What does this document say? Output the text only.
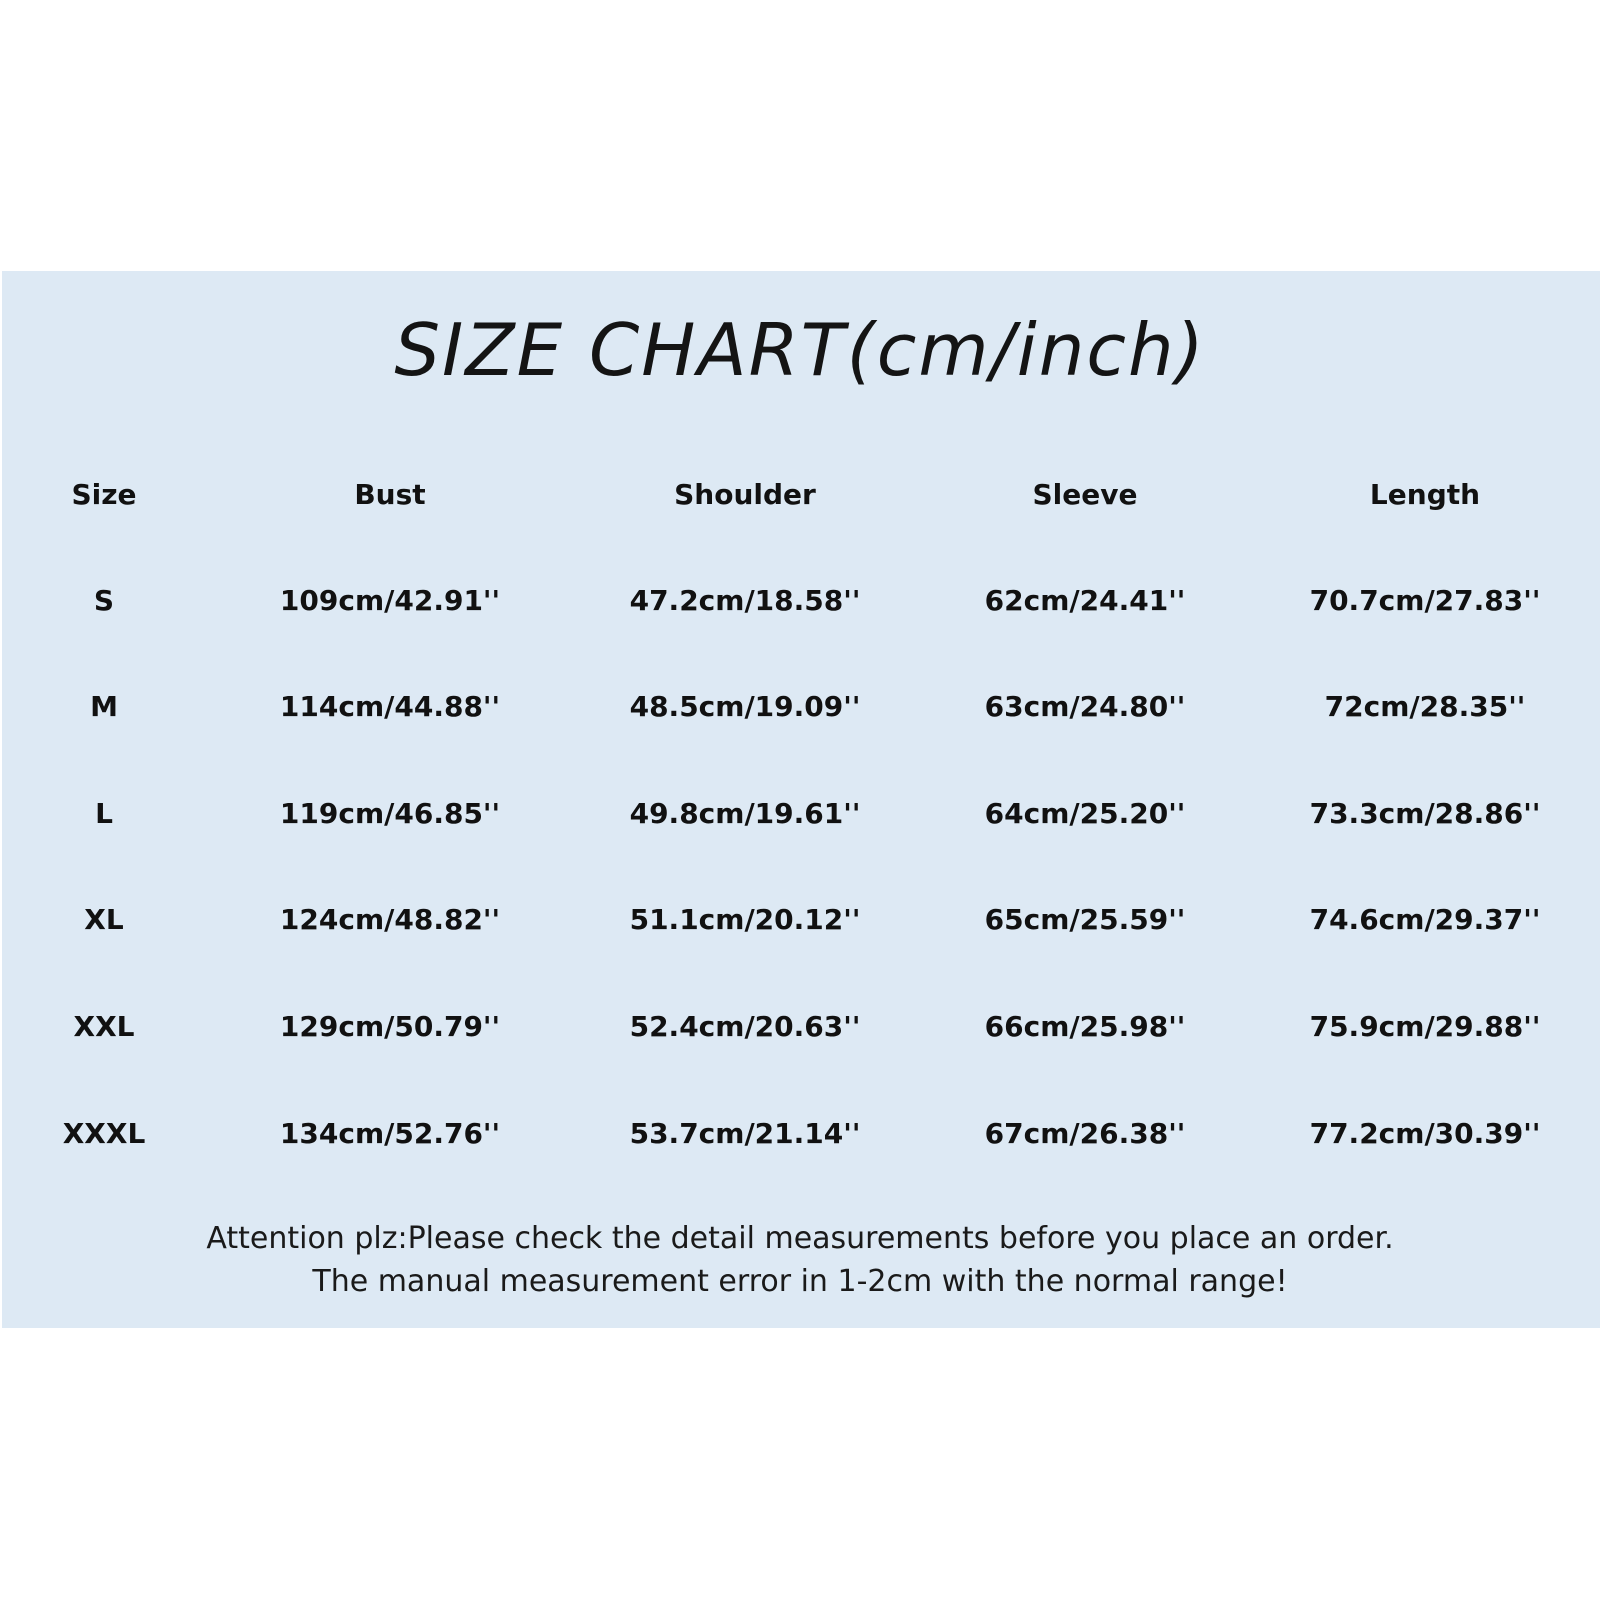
SIZE CHART(cm/inch)
Size	Bust	Shoulder	Sleeve	Length
S	109cm/42.91''	47.2cm/18.58''	62cm/24.41''	70.7cm/27.83''
M	114cm/44.88''	48.5cm/19.09''	63cm/24.80''	72cm/28.35''
L	119cm/46.85''	49.8cm/19.61''	64cm/25.20''	73.3cm/28.86''
XL	124cm/48.82''	51.1cm/20.12''	65cm/25.59''	74.6cm/29.37''
XXL	129cm/50.79''	52.4cm/20.63''	66cm/25.98''	75.9cm/29.88''
XXXL	134cm/52.76''	53.7cm/21.14''	67cm/26.38''	77.2cm/30.39''
Attention plz:Please check the detail measurements before you place an order.
The manual measurement error in 1-2cm with the normal range!
